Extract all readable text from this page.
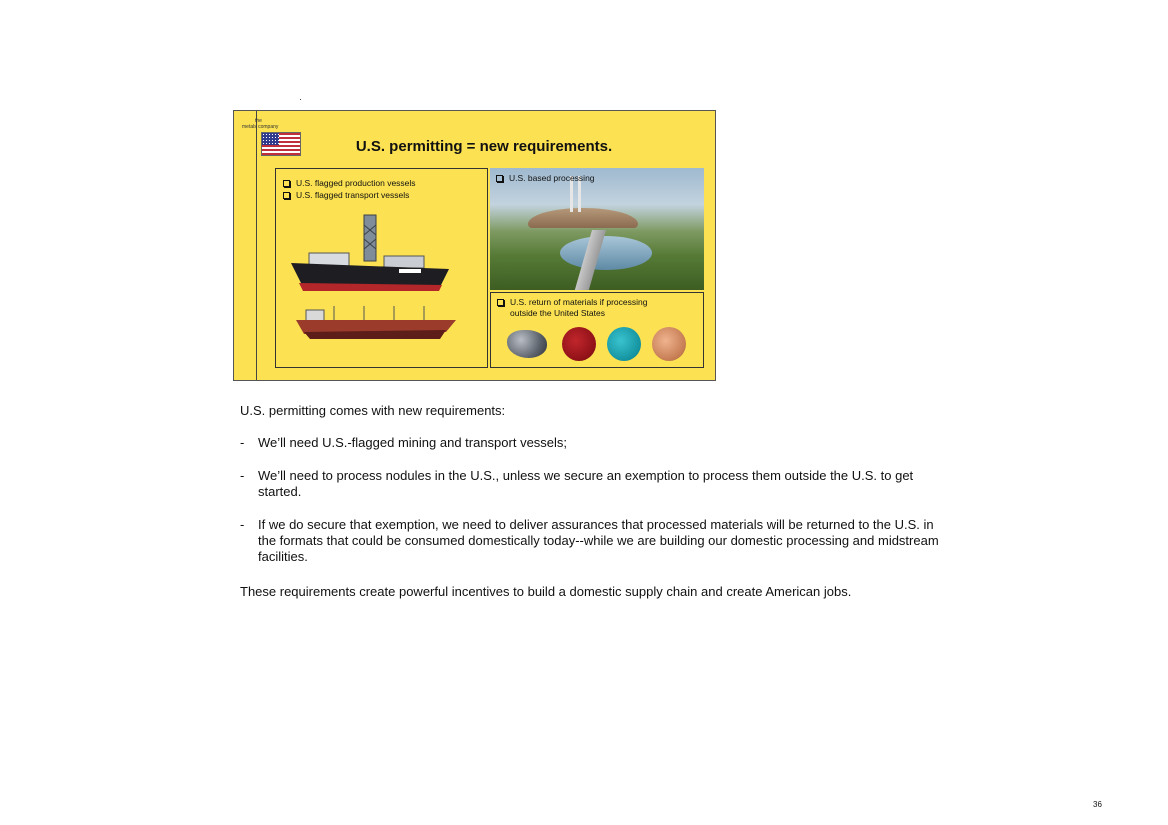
the
metals company
U.S. permitting = new requirements.
U.S. flagged production vessels
U.S. flagged transport vessels
U.S. based processing
U.S. return of materials if processing
outside the United States

U.S. permitting comes with new requirements:

- We’ll need U.S.-flagged mining and transport vessels;
- We’ll need to process nodules in the U.S., unless we secure an exemption to process them outside the U.S. to get started.
- If we do secure that exemption, we need to deliver assurances that processed materials will be returned to the U.S. in the formats that could be consumed domestically today--while we are building our domestic processing and midstream facilities.

These requirements create powerful incentives to build a domestic supply chain and create American jobs.

36
